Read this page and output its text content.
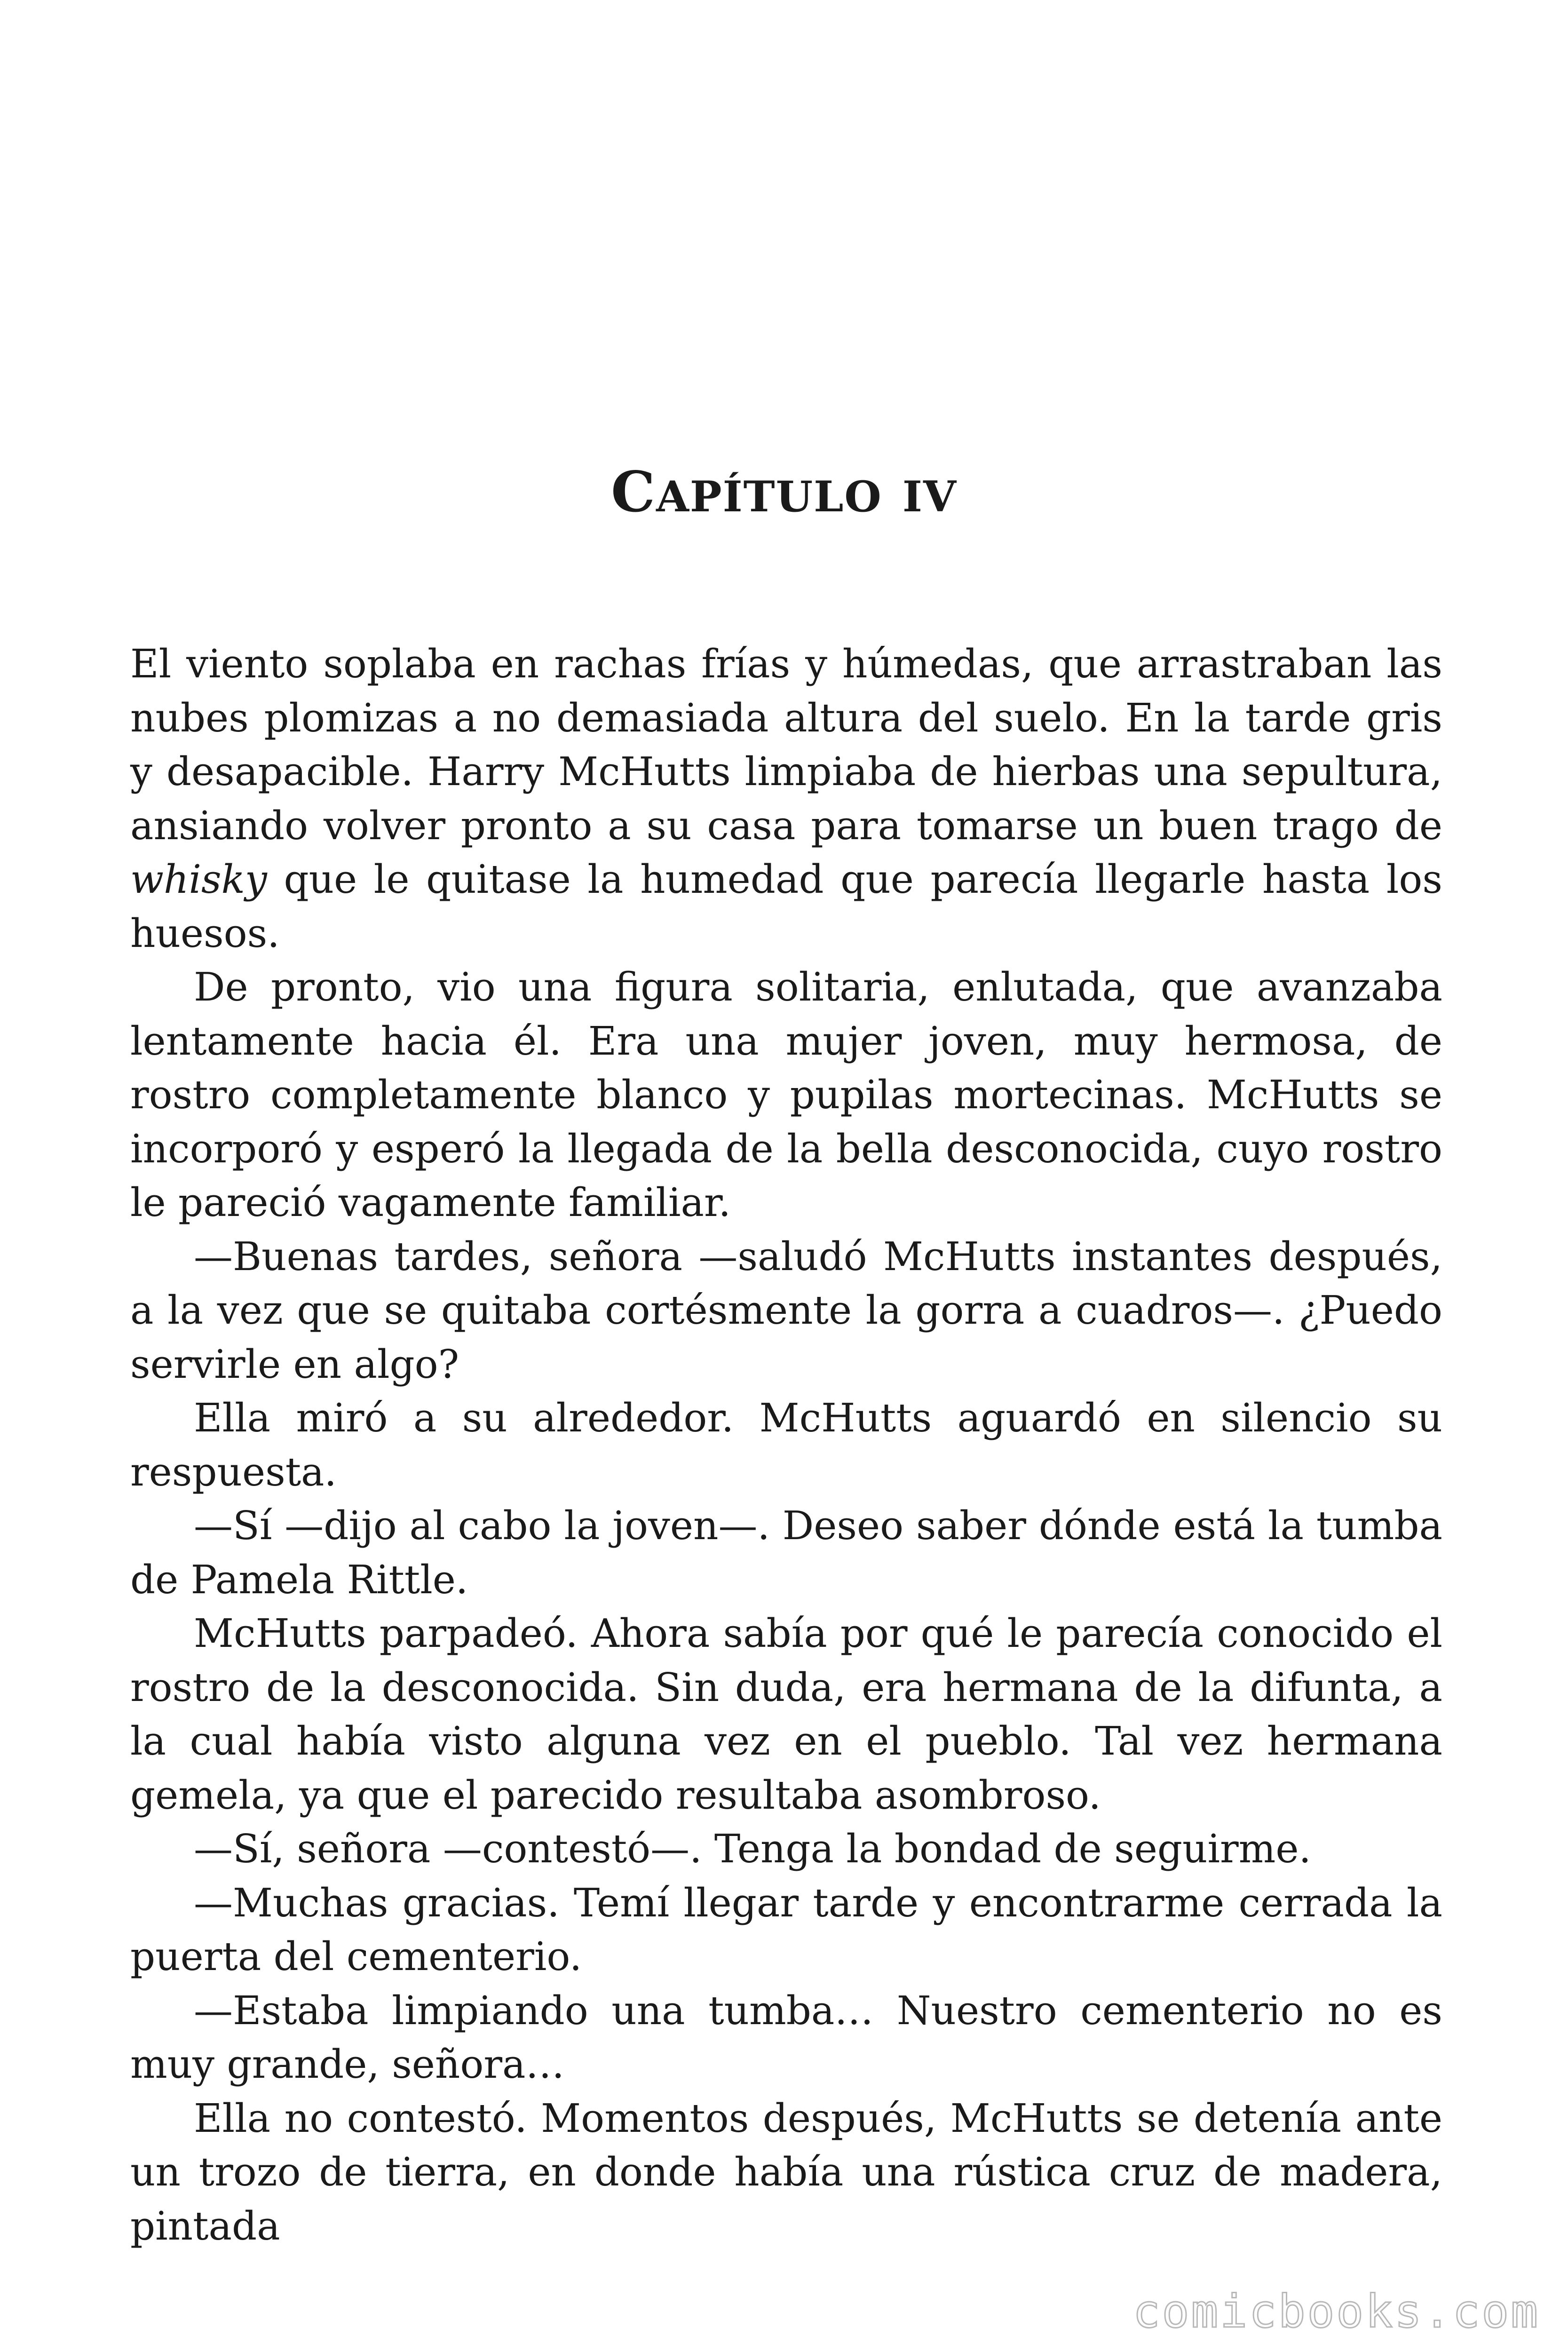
CAPÍTULO IV

El viento soplaba en rachas frías y húmedas, que arrastraban las nubes plomizas a no demasiada altura del suelo. En la tarde gris y desapacible. Harry McHutts limpiaba de hierbas una sepultura, ansiando volver pronto a su casa para tomarse un buen trago de whisky que le quitase la humedad que parecía llegarle hasta los huesos.

De pronto, vio una figura solitaria, enlutada, que avanzaba lentamente hacia él. Era una mujer joven, muy hermosa, de rostro completamente blanco y pupilas mortecinas. McHutts se incorporó y esperó la llegada de la bella desconocida, cuyo rostro le pareció vagamente familiar.

—Buenas tardes, señora —saludó McHutts instantes después, a la vez que se quitaba cortésmente la gorra a cuadros—. ¿Puedo servirle en algo?

Ella miró a su alrededor. McHutts aguardó en silencio su respuesta.

—Sí —dijo al cabo la joven—. Deseo saber dónde está la tumba de Pamela Rittle.

McHutts parpadeó. Ahora sabía por qué le parecía conocido el rostro de la desconocida. Sin duda, era hermana de la difunta, a la cual había visto alguna vez en el pueblo. Tal vez hermana gemela, ya que el parecido resultaba asombroso.

—Sí, señora —contestó—. Tenga la bondad de seguirme.

—Muchas gracias. Temí llegar tarde y encontrarme cerrada la puerta del cementerio.

—Estaba limpiando una tumba… Nuestro cementerio no es muy grande, señora…

Ella no contestó. Momentos después, McHutts se detenía ante un trozo de tierra, en donde había una rústica cruz de madera, pintada

comicbooks.com
